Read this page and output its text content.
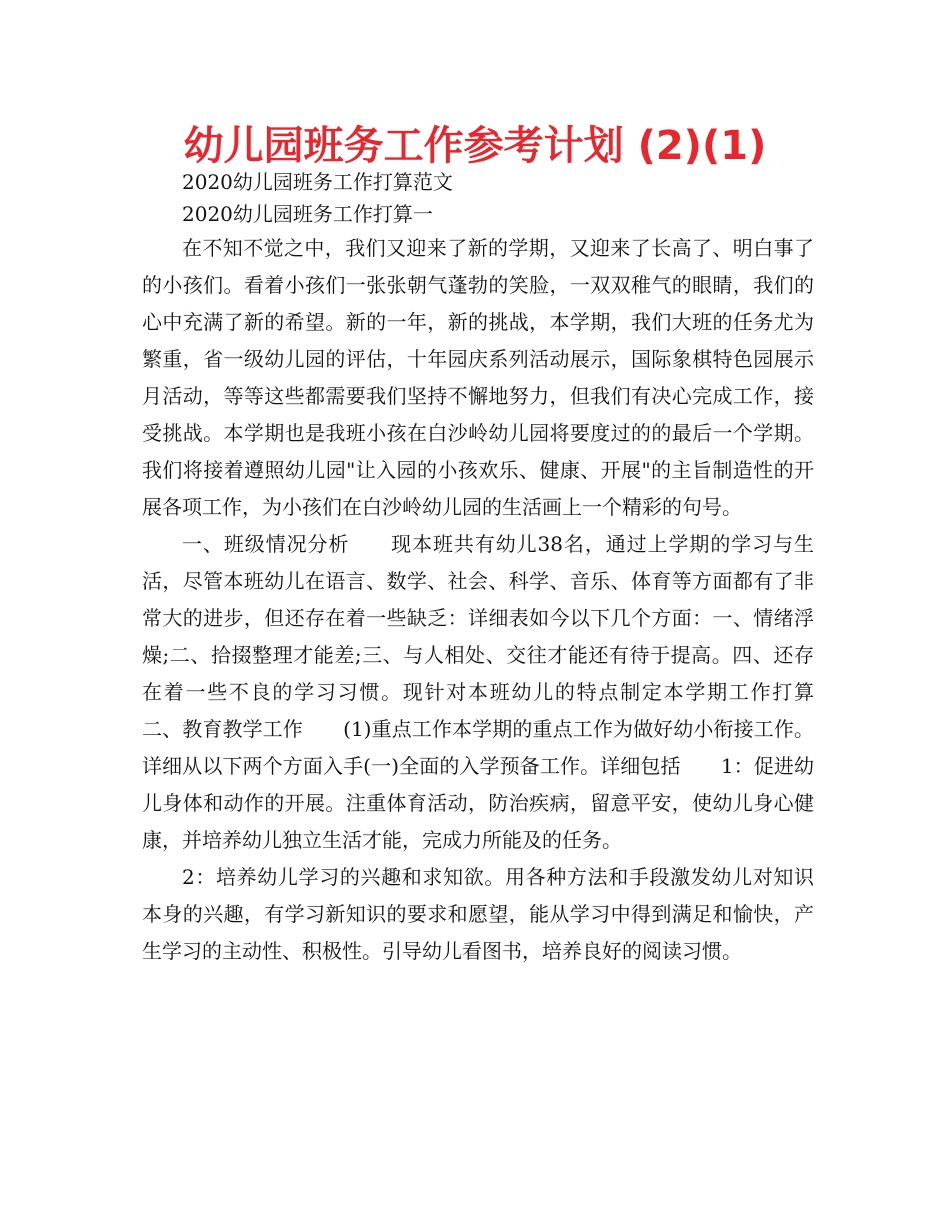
幼儿园班务工作参考计划 (2)(1)

2020幼儿园班务工作打算范文

2020幼儿园班务工作打算一

在不知不觉之中，我们又迎来了新的学期，又迎来了长高了、明白事了的小孩们。看着小孩们一张张朝气蓬勃的笑脸，一双双稚气的眼睛，我们的心中充满了新的希望。新的一年，新的挑战，本学期，我们大班的任务尤为繁重，省一级幼儿园的评估，十年园庆系列活动展示，国际象棋特色园展示月活动，等等这些都需要我们坚持不懈地努力，但我们有决心完成工作，接受挑战。本学期也是我班小孩在白沙岭幼儿园将要度过的的最后一个学期。我们将接着遵照幼儿园"让入园的小孩欢乐、健康、开展"的主旨制造性的开展各项工作，为小孩们在白沙岭幼儿园的生活画上一个精彩的句号。

一、班级情况分析　　现本班共有幼儿38名，通过上学期的学习与生活，尽管本班幼儿在语言、数学、社会、科学、音乐、体育等方面都有了非常大的进步，但还存在着一些缺乏：详细表如今以下几个方面：一、情绪浮燥;二、拾掇整理才能差;三、与人相处、交往才能还有待于提高。四、还存在着一些不良的学习习惯。现针对本班幼儿的特点制定本学期工作打算　　二、教育教学工作　　(1)重点工作本学期的重点工作为做好幼小衔接工作。详细从以下两个方面入手(一)全面的入学预备工作。详细包括　　1：促进幼儿身体和动作的开展。注重体育活动，防治疾病，留意平安，使幼儿身心健康，并培养幼儿独立生活才能，完成力所能及的任务。

2：培养幼儿学习的兴趣和求知欲。用各种方法和手段激发幼儿对知识本身的兴趣，有学习新知识的要求和愿望，能从学习中得到满足和愉快，产生学习的主动性、积极性。引导幼儿看图书，培养良好的阅读习惯。
